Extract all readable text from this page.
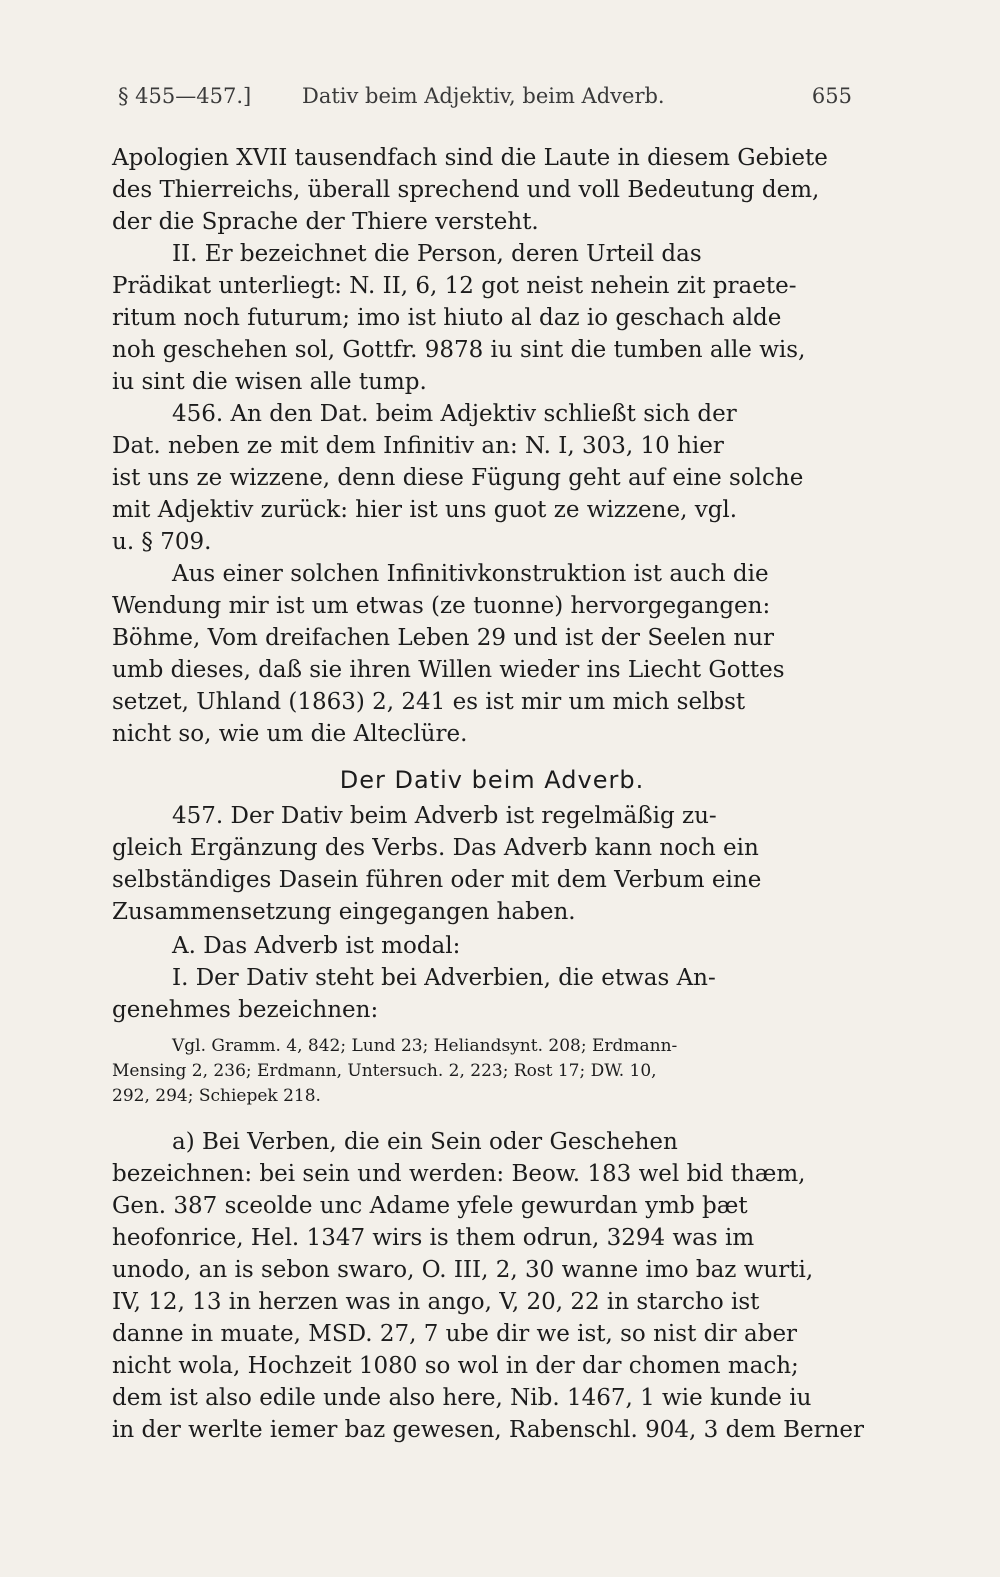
§ 455—457.] Dativ beim Adjektiv, beim Adverb.	655
Apologien XVII tausendfach sind die Laute in diesem Gebiete
des Thierreichs, überall sprechend und voll Bedeutung dem,
der die Sprache der Thiere versteht.
II. Er bezeichnet die Person, deren Urteil das
Prädikat unterliegt: N. II, 6, 12 got neist nehein zit praete-
ritum noch futurum; imo ist hiuto al daz io geschach alde
noh geschehen sol, Gottfr. 9878 iu sint die tumben alle wis,
iu sint die wisen alle tump.
456. An den Dat. beim Adjektiv schließt sich der
Dat. neben ze mit dem Infinitiv an: N. I, 303, 10 hier
ist uns ze wizzene, denn diese Fügung geht auf eine solche
mit Adjektiv zurück: hier ist uns guot ze wizzene, vgl.
u. § 709.
Aus einer solchen Infinitivkonstruktion ist auch die
Wendung mir ist um etwas (ze tuonne) hervorgegangen:
Böhme, Vom dreifachen Leben 29 und ist der Seelen nur
umb dieses, daß sie ihren Willen wieder ins Liecht Gottes
setzet, Uhland (1863) 2, 241 es ist mir um mich selbst
nicht so, wie um die Alteclüre.
Der Dativ beim Adverb.
457. Der Dativ beim Adverb ist regelmäßig zu-
gleich Ergänzung des Verbs. Das Adverb kann noch ein
selbständiges Dasein führen oder mit dem Verbum eine
Zusammensetzung eingegangen haben.
A. Das Adverb ist modal:
I. Der Dativ steht bei Adverbien, die etwas An-
genehmes bezeichnen:
Vgl. Gramm. 4, 842; Lund 23; Heliandsynt. 208; Erdmann-
Mensing 2, 236; Erdmann, Untersuch. 2, 223; Rost 17; DW. 10,
292, 294; Schiepek 218.
a) Bei Verben, die ein Sein oder Geschehen
bezeichnen: bei sein und werden: Beow. 183 wel bid thæm,
Gen. 387 sceolde unc Adame yfele gewurdan ymb þæt
heofonrice, Hel. 1347 wirs is them odrun, 3294 was im
unodo, an is sebon swaro, O. III, 2, 30 wanne imo baz wurti,
IV, 12, 13 in herzen was in ango, V, 20, 22 in starcho ist
danne in muate, MSD. 27, 7 ube dir we ist, so nist dir aber
nicht wola, Hochzeit 1080 so wol in der dar chomen mach;
dem ist also edile unde also here, Nib. 1467, 1 wie kunde iu
in der werlte iemer baz gewesen, Rabenschl. 904, 3 dem Berner
